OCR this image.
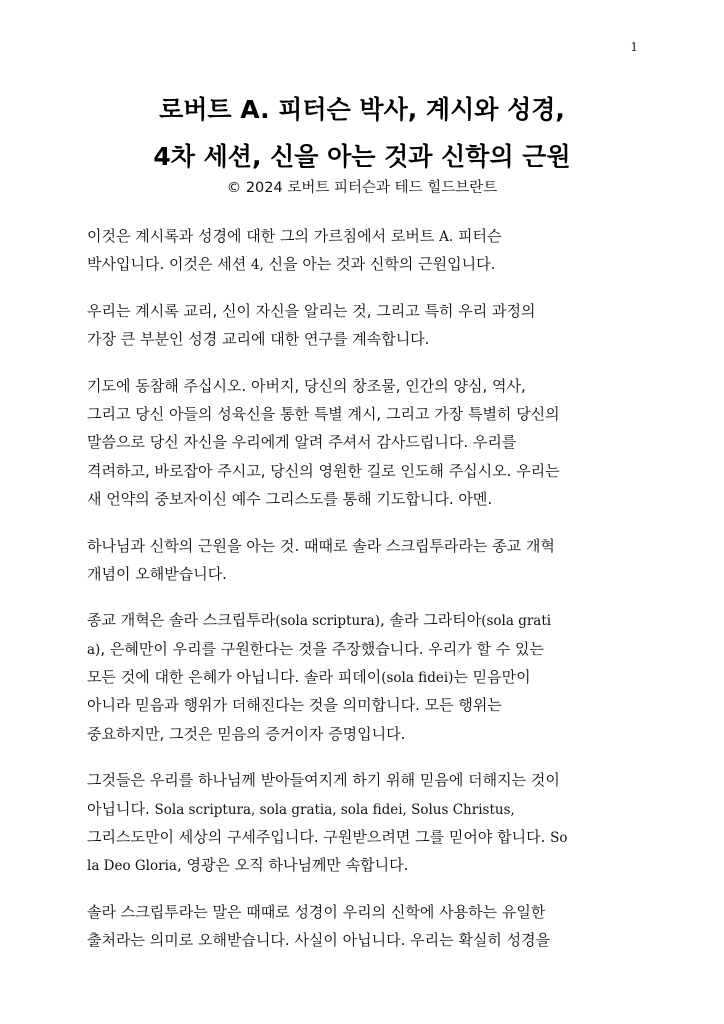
1
로버트 A. 피터슨 박사, 계시와 성경,
4차 세션, 신을 아는 것과 신학의 근원
© 2024 로버트 피터슨과 테드 힐드브란트

이것은 계시록과 성경에 대한 그의 가르침에서 로버트 A. 피터슨
박사입니다. 이것은 세션 4, 신을 아는 것과 신학의 근원입니다.

우리는 계시록 교리, 신이 자신을 알리는 것, 그리고 특히 우리 과정의
가장 큰 부분인 성경 교리에 대한 연구를 계속합니다.

기도에 동참해 주십시오. 아버지, 당신의 창조물, 인간의 양심, 역사,
그리고 당신 아들의 성육신을 통한 특별 계시, 그리고 가장 특별히 당신의
말씀으로 당신 자신을 우리에게 알려 주셔서 감사드립니다. 우리를
격려하고, 바로잡아 주시고, 당신의 영원한 길로 인도해 주십시오. 우리는
새 언약의 중보자이신 예수 그리스도를 통해 기도합니다. 아멘.

하나님과 신학의 근원을 아는 것. 때때로 솔라 스크립투라라는 종교 개혁
개념이 오해받습니다.

종교 개혁은 솔라 스크립투라(sola scriptura), 솔라 그라티아(sola grati
a), 은혜만이 우리를 구원한다는 것을 주장했습니다. 우리가 할 수 있는
모든 것에 대한 은혜가 아닙니다. 솔라 피데이(sola fidei)는 믿음만이
아니라 믿음과 행위가 더해진다는 것을 의미합니다. 모든 행위는
중요하지만, 그것은 믿음의 증거이자 증명입니다.

그것들은 우리를 하나님께 받아들여지게 하기 위해 믿음에 더해지는 것이
아닙니다. Sola scriptura, sola gratia, sola fidei, Solus Christus,
그리스도만이 세상의 구세주입니다. 구원받으려면 그를 믿어야 합니다. So
la Deo Gloria, 영광은 오직 하나님께만 속합니다.

솔라 스크립투라는 말은 때때로 성경이 우리의 신학에 사용하는 유일한
출처라는 의미로 오해받습니다. 사실이 아닙니다. 우리는 확실히 성경을
